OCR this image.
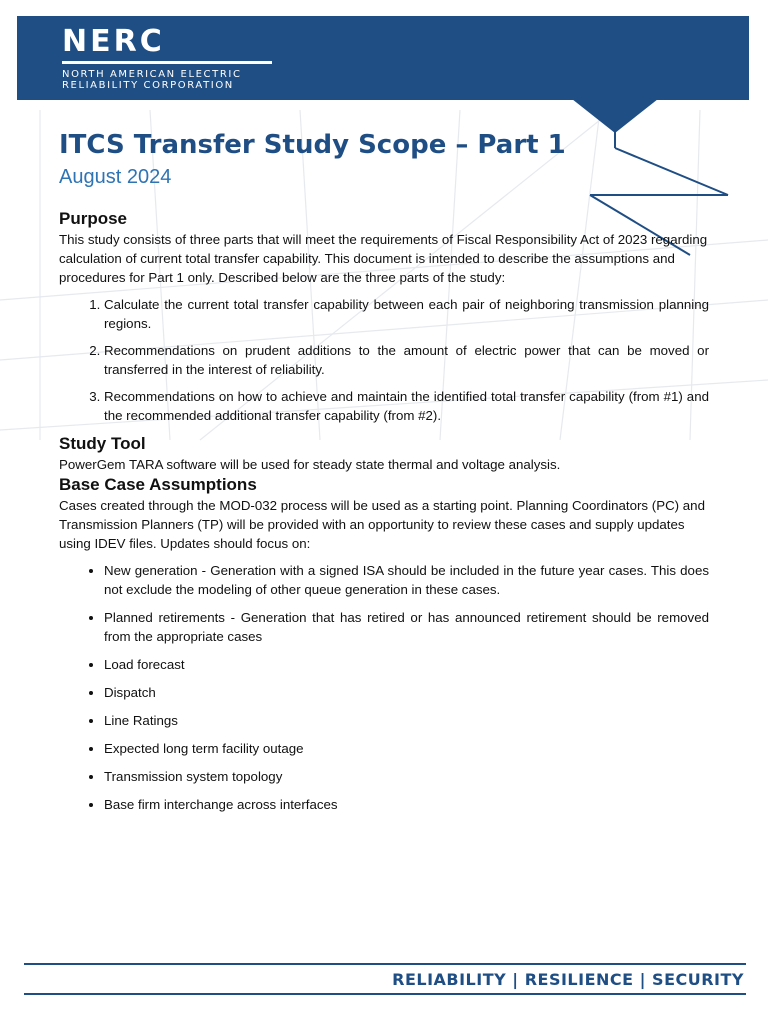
NERC
NORTH AMERICAN ELECTRIC
RELIABILITY CORPORATION
ITCS Transfer Study Scope – Part 1
August 2024
Purpose

This study consists of three parts that will meet the requirements of Fiscal Responsibility Act of 2023 regarding calculation of current total transfer capability. This document is intended to describe the assumptions and procedures for Part 1 only. Described below are the three parts of the study:

1. Calculate the current total transfer capability between each pair of neighboring transmission planning regions.
2. Recommendations on prudent additions to the amount of electric power that can be moved or transferred in the interest of reliability.
3. Recommendations on how to achieve and maintain the identified total transfer capability (from #1) and the recommended additional transfer capability (from #2).
Study Tool

PowerGem TARA software will be used for steady state thermal and voltage analysis.

Base Case Assumptions

Cases created through the MOD-032 process will be used as a starting point. Planning Coordinators (PC) and Transmission Planners (TP) will be provided with an opportunity to review these cases and supply updates using IDEV files. Updates should focus on:

• New generation - Generation with a signed ISA should be included in the future year cases. This does not exclude the modeling of other queue generation in these cases.
• Planned retirements - Generation that has retired or has announced retirement should be removed from the appropriate cases
• Load forecast
• Dispatch
• Line Ratings
• Expected long term facility outage
• Transmission system topology
• Base firm interchange across interfaces
RELIABILITY | RESILIENCE | SECURITY
